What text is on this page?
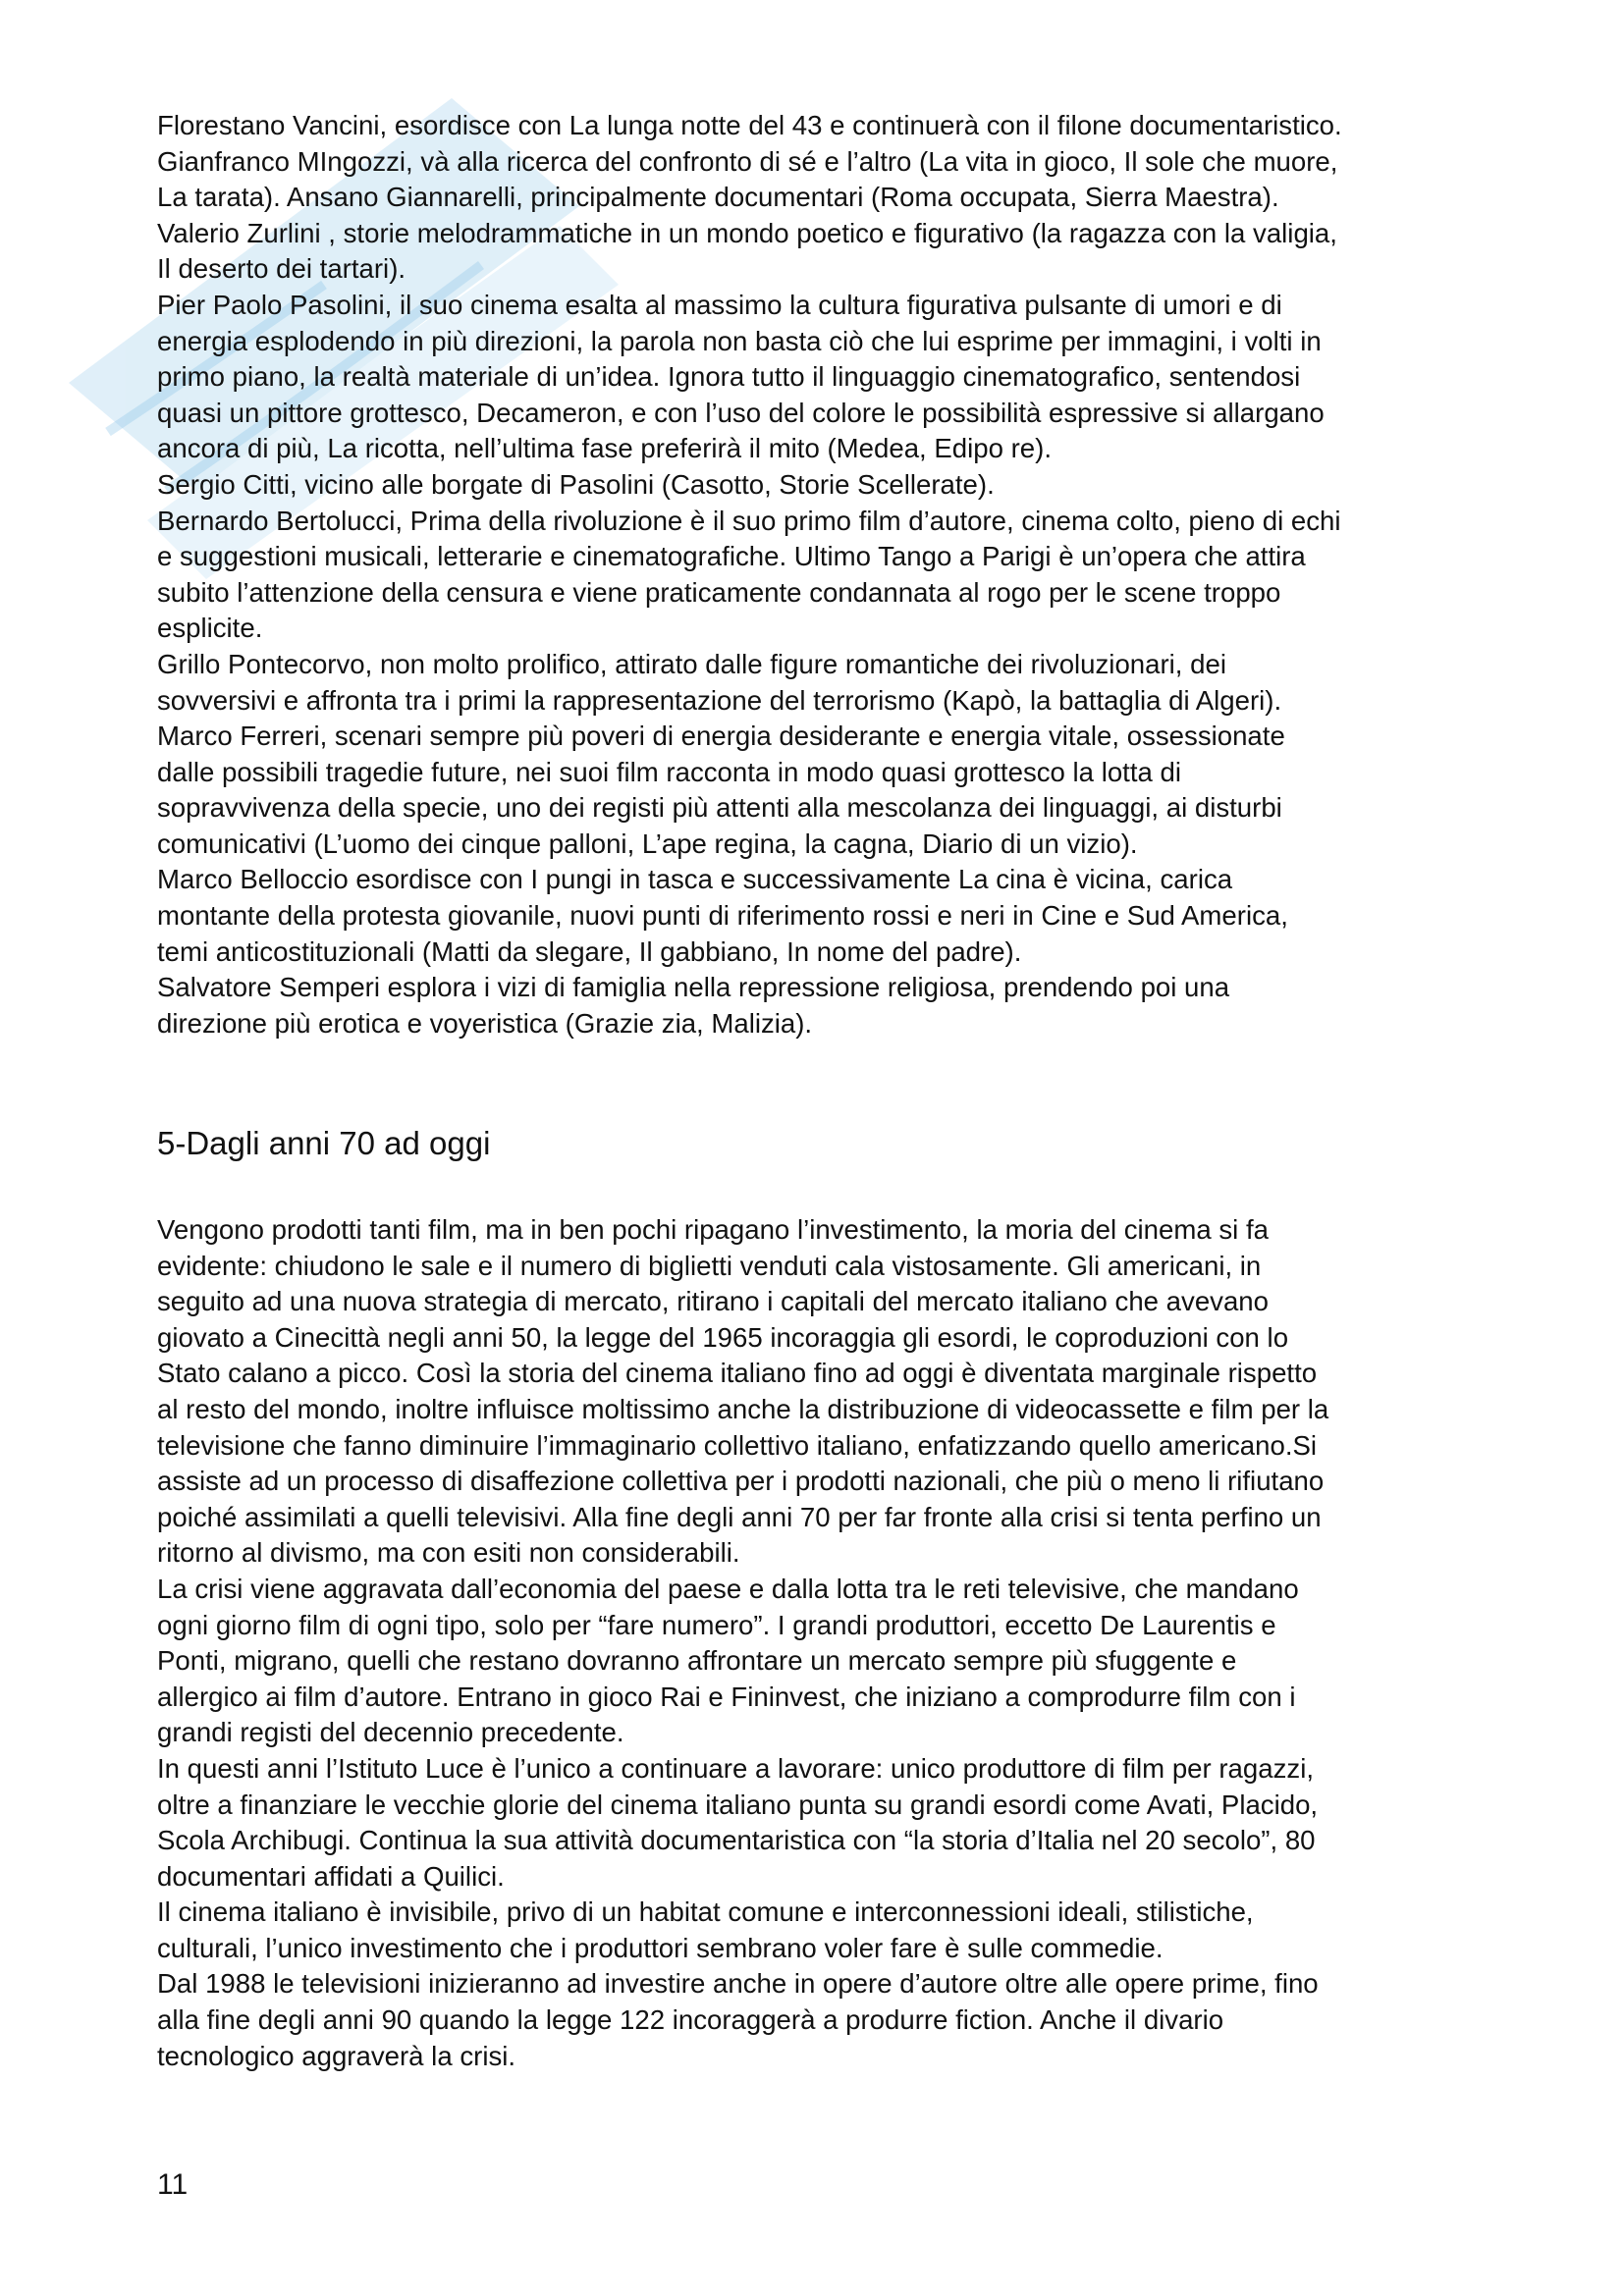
Florestano Vancini, esordisce con La lunga notte del 43 e continuerà con il filone documentaristico.
Gianfranco MIngozzi, và alla ricerca del confronto di sé e l’altro (La vita in gioco, Il sole che muore,
La tarata). Ansano Giannarelli, principalmente documentari (Roma occupata, Sierra Maestra).
Valerio Zurlini , storie melodrammatiche in un mondo poetico e figurativo (la ragazza con la valigia,
Il deserto dei tartari).
Pier Paolo Pasolini, il suo cinema esalta al massimo la cultura figurativa pulsante di umori e di
energia esplodendo in più direzioni, la parola non basta ciò che lui esprime per immagini, i volti in
primo piano, la realtà materiale di un’idea. Ignora tutto il linguaggio cinematografico, sentendosi
quasi un pittore grottesco, Decameron, e con l’uso del colore le possibilità espressive si allargano
ancora di più, La ricotta, nell’ultima fase preferirà il mito (Medea, Edipo re).
Sergio Citti, vicino alle borgate di Pasolini (Casotto, Storie Scellerate).
Bernardo Bertolucci, Prima della rivoluzione è il suo primo film d’autore, cinema colto, pieno di echi
e suggestioni musicali, letterarie e cinematografiche. Ultimo Tango a Parigi è un’opera che attira
subito l’attenzione della censura e viene praticamente condannata al rogo per le scene troppo
esplicite.
Grillo Pontecorvo, non molto prolifico, attirato dalle figure romantiche dei rivoluzionari, dei
sovversivi e affronta tra i primi la rappresentazione del terrorismo (Kapò, la battaglia di Algeri).
Marco Ferreri, scenari sempre più poveri di energia desiderante e energia vitale, ossessionate
dalle possibili tragedie future, nei suoi film racconta in modo quasi grottesco la lotta di
sopravvivenza della specie, uno dei registi più attenti alla mescolanza dei linguaggi, ai disturbi
comunicativi (L’uomo dei cinque palloni, L’ape regina, la cagna, Diario di un vizio).
Marco Belloccio esordisce con I pungi in tasca e successivamente La cina è vicina, carica
montante della protesta giovanile, nuovi punti di riferimento rossi e neri in Cine e Sud America,
temi anticostituzionali (Matti da slegare, Il gabbiano, In nome del padre).
Salvatore Semperi esplora i vizi di famiglia nella repressione religiosa, prendendo poi una
direzione più erotica e voyeristica (Grazie zia, Malizia).
5-Dagli anni 70 ad oggi
Vengono prodotti tanti film, ma in ben pochi ripagano l’investimento, la moria del cinema si fa
evidente: chiudono le sale e il numero di biglietti venduti cala vistosamente. Gli americani, in
seguito ad una nuova strategia di mercato, ritirano i capitali del mercato italiano che avevano
giovato a Cinecittà negli anni 50, la legge del 1965 incoraggia gli esordi, le coproduzioni con lo
Stato calano a picco. Così la storia del cinema italiano fino ad oggi è diventata marginale rispetto
al resto del mondo, inoltre influisce moltissimo anche la distribuzione di videocassette e film per la
televisione che fanno diminuire l’immaginario collettivo italiano, enfatizzando quello americano.Si
assiste ad un processo di disaffezione collettiva per i prodotti nazionali, che più o meno li rifiutano
poiché assimilati a quelli televisivi. Alla fine degli anni 70 per far fronte alla crisi si tenta perfino un
ritorno al divismo, ma con esiti non considerabili.
La crisi viene aggravata dall’economia del paese e dalla lotta tra le reti televisive, che mandano
ogni giorno film di ogni tipo, solo per “fare numero”. I grandi produttori, eccetto De Laurentis e
Ponti, migrano, quelli che restano dovranno affrontare un mercato sempre più sfuggente e
allergico ai film d’autore. Entrano in gioco Rai e Fininvest, che iniziano a comprodurre film con i
grandi registi del decennio precedente.
In questi anni l’Istituto Luce è l’unico a continuare a lavorare: unico produttore di film per ragazzi,
oltre a finanziare le vecchie glorie del cinema italiano punta su grandi esordi come Avati, Placido,
Scola Archibugi. Continua la sua attività documentaristica con “la storia d’Italia nel 20 secolo”, 80
documentari affidati a Quilici.
Il cinema italiano è invisibile, privo di un habitat comune e interconnessioni ideali, stilistiche,
culturali, l’unico investimento che i produttori sembrano voler fare è sulle commedie.
Dal 1988 le televisioni inizieranno ad investire anche in opere d’autore oltre alle opere prime, fino
alla fine degli anni 90 quando la legge 122 incoraggerà a produrre fiction. Anche il divario
tecnologico aggraverà la crisi.
11
